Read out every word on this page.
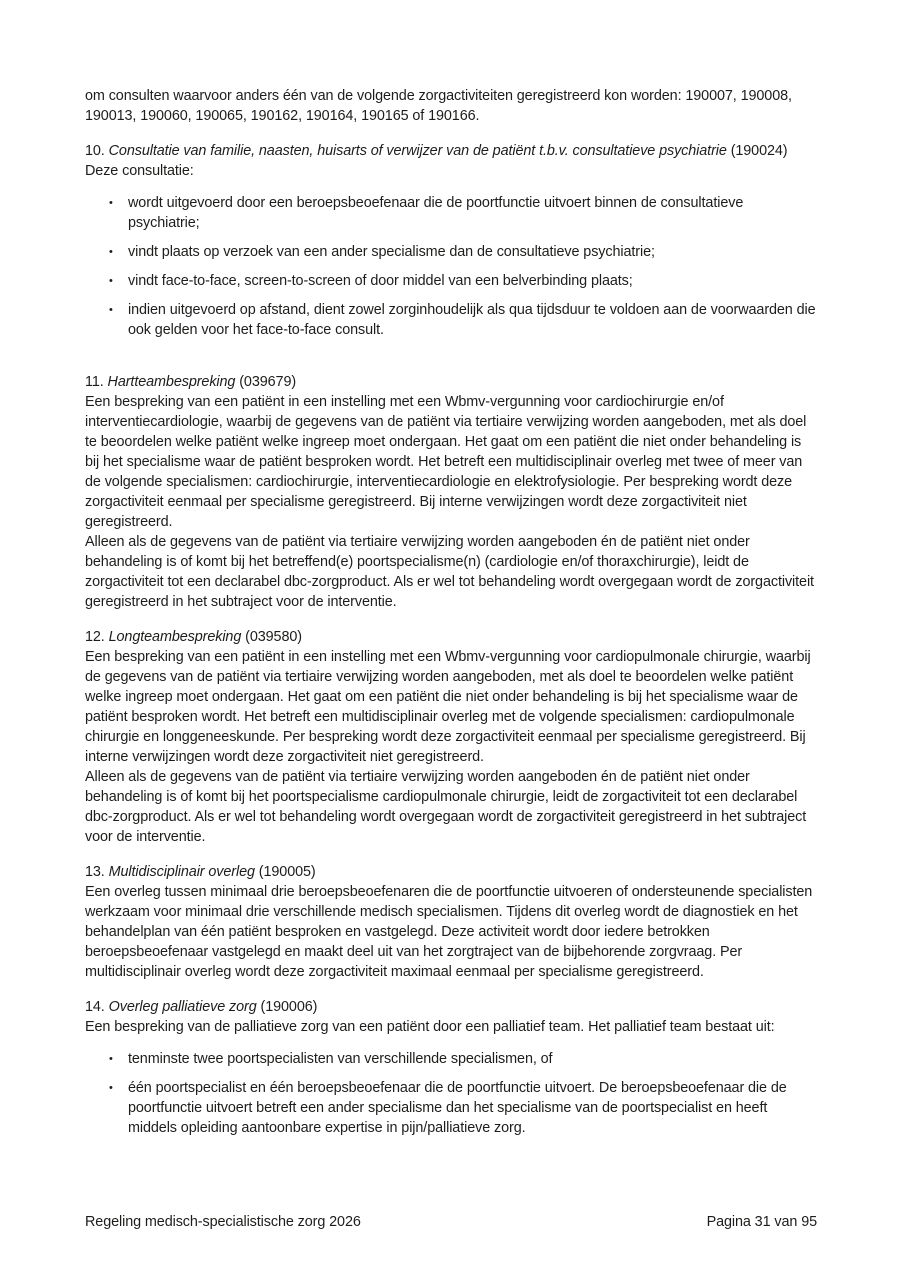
om consulten waarvoor anders één van de volgende zorgactiviteiten geregistreerd kon worden: 190007, 190008, 190013, 190060, 190065, 190162, 190164, 190165 of 190166.

10. Consultatie van familie, naasten, huisarts of verwijzer van de patiënt t.b.v. consultatieve psychiatrie (190024)

Deze consultatie:

•	wordt uitgevoerd door een beroepsbeoefenaar die de poortfunctie uitvoert binnen de consultatieve psychiatrie;
•	vindt plaats op verzoek van een ander specialisme dan de consultatieve psychiatrie;
•	vindt face-to-face, screen-to-screen of door middel van een belverbinding plaats;
•	indien uitgevoerd op afstand, dient zowel zorginhoudelijk als qua tijdsduur te voldoen aan de voorwaarden die ook gelden voor het face-to-face consult.
11. Hartteambespreking (039679)

Een bespreking van een patiënt in een instelling met een Wbmv-vergunning voor cardiochirurgie en/of interventiecardiologie, waarbij de gegevens van de patiënt via tertiaire verwijzing worden aangeboden, met als doel te beoordelen welke patiënt welke ingreep moet ondergaan. Het gaat om een patiënt die niet onder behandeling is bij het specialisme waar de patiënt besproken wordt. Het betreft een multidisciplinair overleg met twee of meer van de volgende specialismen: cardiochirurgie, interventiecardiologie en elektrofysiologie. Per bespreking wordt deze zorgactiviteit eenmaal per specialisme geregistreerd. Bij interne verwijzingen wordt deze zorgactiviteit niet geregistreerd.

Alleen als de gegevens van de patiënt via tertiaire verwijzing worden aangeboden én de patiënt niet onder behandeling is of komt bij het betreffend(e) poortspecialisme(n) (cardiologie en/of thoraxchirurgie), leidt de zorgactiviteit tot een declarabel dbc-zorgproduct. Als er wel tot behandeling wordt overgegaan wordt de zorgactiviteit geregistreerd in het subtraject voor de interventie.

12. Longteambespreking (039580)

Een bespreking van een patiënt in een instelling met een Wbmv-vergunning voor cardiopulmonale chirurgie, waarbij de gegevens van de patiënt via tertiaire verwijzing worden aangeboden, met als doel te beoordelen welke patiënt welke ingreep moet ondergaan. Het gaat om een patiënt die niet onder behandeling is bij het specialisme waar de patiënt besproken wordt. Het betreft een multidisciplinair overleg met de volgende specialismen: cardiopulmonale chirurgie en longgeneeskunde. Per bespreking wordt deze zorgactiviteit eenmaal per specialisme geregistreerd. Bij interne verwijzingen wordt deze zorgactiviteit niet geregistreerd.

Alleen als de gegevens van de patiënt via tertiaire verwijzing worden aangeboden én de patiënt niet onder behandeling is of komt bij het poortspecialisme cardiopulmonale chirurgie, leidt de zorgactiviteit tot een declarabel dbc-zorgproduct. Als er wel tot behandeling wordt overgegaan wordt de zorgactiviteit geregistreerd in het subtraject voor de interventie.

13. Multidisciplinair overleg (190005)

Een overleg tussen minimaal drie beroepsbeoefenaren die de poortfunctie uitvoeren of ondersteunende specialisten werkzaam voor minimaal drie verschillende medisch specialismen. Tijdens dit overleg wordt de diagnostiek en het behandelplan van één patiënt besproken en vastgelegd. Deze activiteit wordt door iedere betrokken beroepsbeoefenaar vastgelegd en maakt deel uit van het zorgtraject van de bijbehorende zorgvraag. Per multidisciplinair overleg wordt deze zorgactiviteit maximaal eenmaal per specialisme geregistreerd.

14. Overleg palliatieve zorg (190006)

Een bespreking van de palliatieve zorg van een patiënt door een palliatief team. Het palliatief team bestaat uit:

•	tenminste twee poortspecialisten van verschillende specialismen, of
•	één poortspecialist en één beroepsbeoefenaar die de poortfunctie uitvoert. De beroepsbeoefenaar die de poortfunctie uitvoert betreft een ander specialisme dan het specialisme van de poortspecialist en heeft middels opleiding aantoonbare expertise in pijn/palliatieve zorg.
Regeling medisch-specialistische zorg 2026	Pagina 31 van 95
